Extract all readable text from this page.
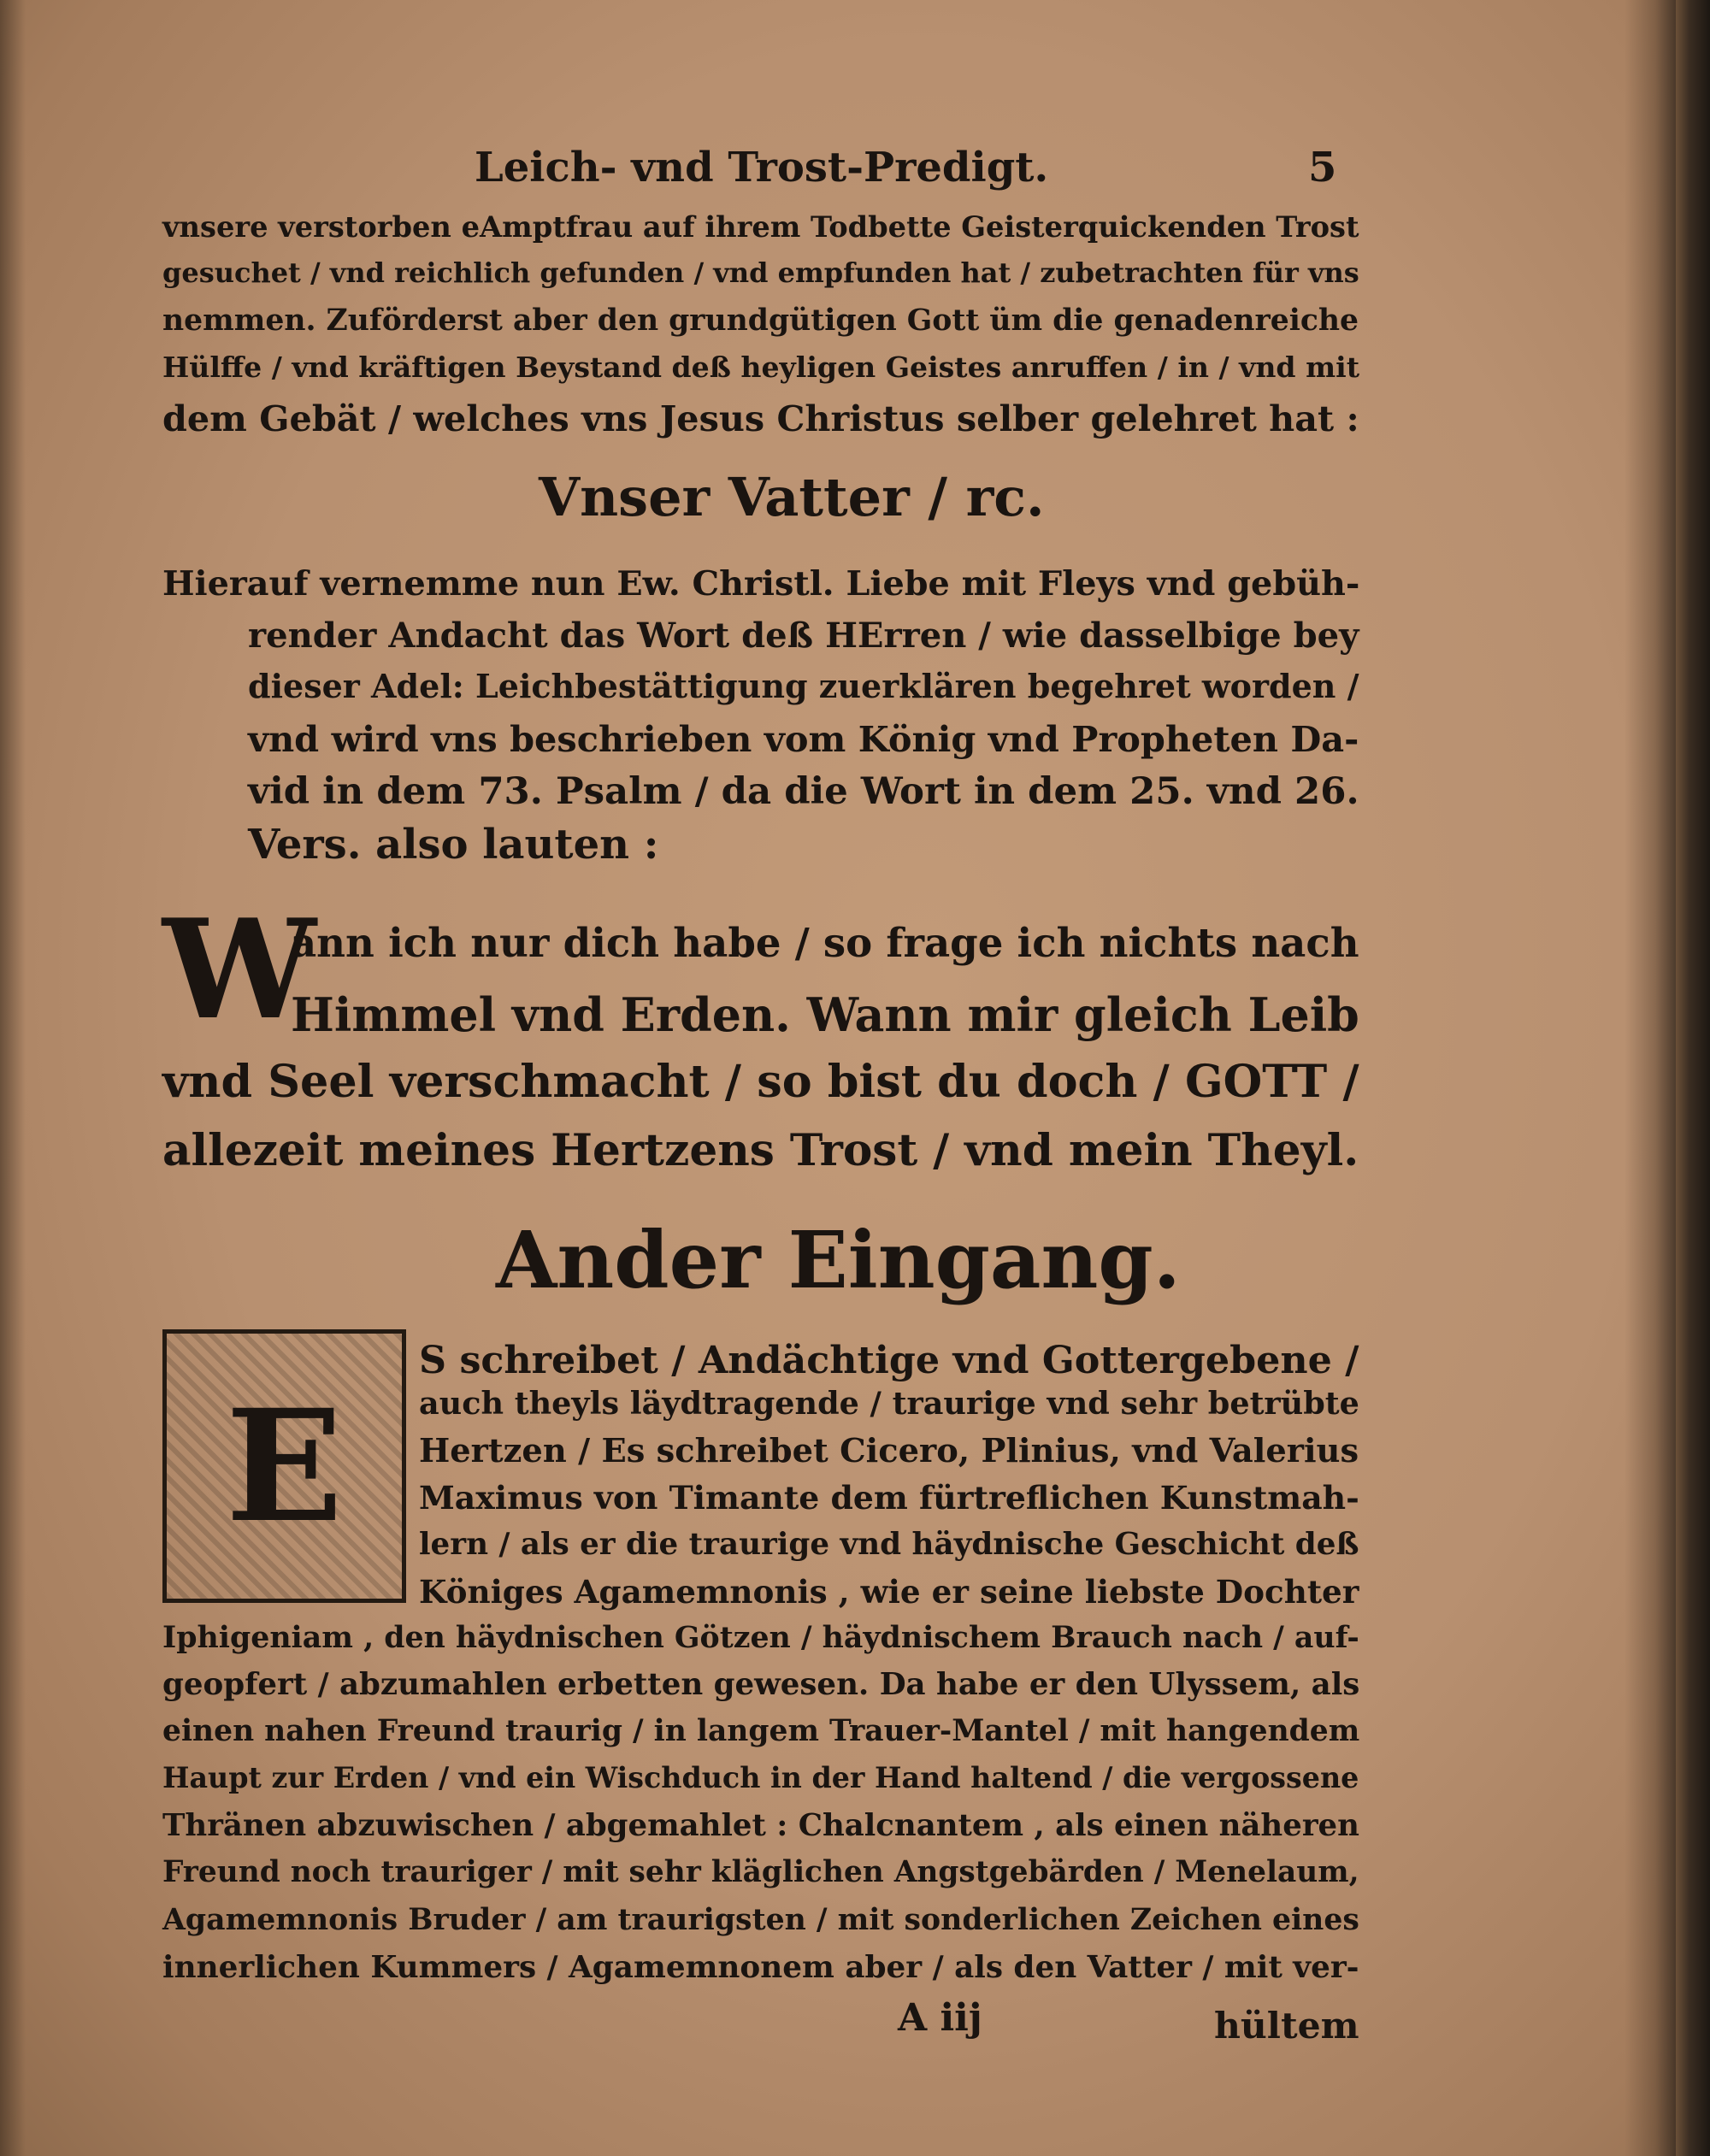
Leich- vnd Trost-Predigt.	5
vnsere verstorben eAmptfrau auf ihrem Todbette Geisterquickenden Trost
gesuchet / vnd reichlich gefunden / vnd empfunden hat / zubetrachten für vns
nemmen. Zuförderst aber den grundgütigen Gott üm die genadenreiche
Hülffe / vnd kräftigen Beystand deß heyligen Geistes anruffen / in / vnd mit
dem Gebät / welches vns Jesus Christus selber gelehret hat :
Vnser Vatter / rc.
Hierauf vernemme nun Ew. Christl. Liebe mit Fleys vnd gebüh-
render Andacht das Wort deß HErren / wie dasselbige bey
dieser Adel: Leichbestättigung zuerklären begehret worden /
vnd wird vns beschrieben vom König vnd Propheten Da-
vid in dem 73. Psalm / da die Wort in dem 25. vnd 26.
Vers. also lauten :
W
ann ich nur dich habe / so frage ich nichts nach
Himmel vnd Erden. Wann mir gleich Leib
vnd Seel verschmacht / so bist du doch / GOTT /
allezeit meines Hertzens Trost / vnd mein Theyl.
Ander Eingang.
E
S schreibet / Andächtige vnd Gottergebene /
auch theyls läydtragende / traurige vnd sehr betrübte
Hertzen / Es schreibet Cicero, Plinius, vnd Valerius
Maximus von Timante dem fürtreflichen Kunstmah-
lern / als er die traurige vnd häydnische Geschicht deß
Königes Agamemnonis , wie er seine liebste Dochter
Iphigeniam , den häydnischen Götzen / häydnischem Brauch nach / auf-
geopfert / abzumahlen erbetten gewesen. Da habe er den Ulyssem, als
einen nahen Freund traurig / in langem Trauer-Mantel / mit hangendem
Haupt zur Erden / vnd ein Wischduch in der Hand haltend / die vergossene
Thränen abzuwischen / abgemahlet : Chalcnantem , als einen näheren
Freund noch trauriger / mit sehr kläglichen Angstgebärden / Menelaum,
Agamemnonis Bruder / am traurigsten / mit sonderlichen Zeichen eines
innerlichen Kummers / Agamemnonem aber / als den Vatter / mit ver-
A iij	hültem
